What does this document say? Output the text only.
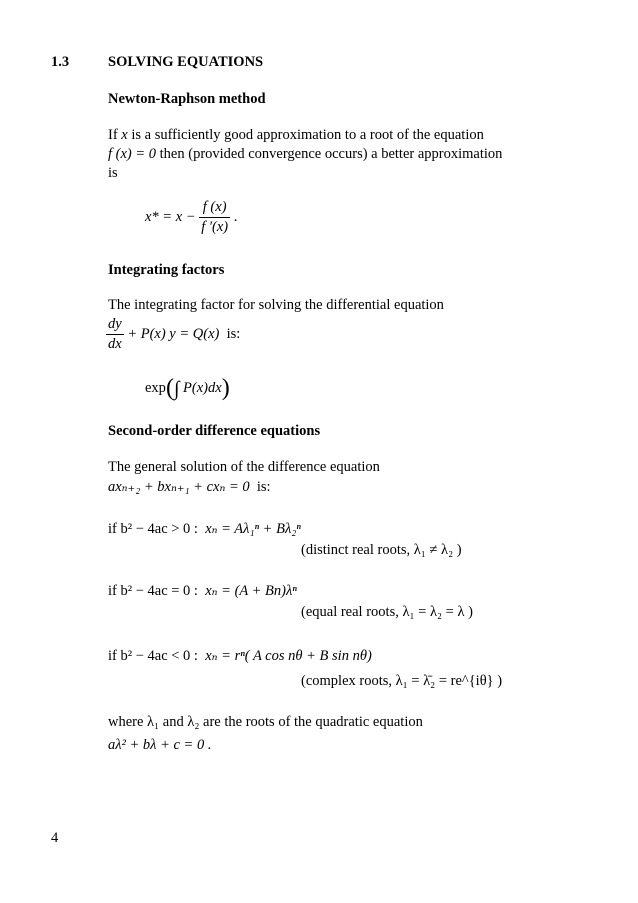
1.3	SOLVING EQUATIONS
Newton-Raphson method
If x is a sufficiently good approximation to a root of the equation
f (x) = 0 then (provided convergence occurs) a better approximation
is
$x* = x - \frac{f (x)}{f '(x)}$ .
Integrating factors
The integrating factor for solving the differential equation
$\frac{dy}{dx} + P(x) y = Q(x)$ is:
exp(∫ P(x)dx)
Second-order difference equations
The general solution of the difference equation
axₙ₊₂ + bxₙ₊₁ + cxₙ = 0 is:
if b² − 4ac > 0 : xₙ = Aλ₁ⁿ + Bλ₂ⁿ
(distinct real roots, λ₁ ≠ λ₂ )
if b² − 4ac = 0 : xₙ = (A + Bn)λⁿ
(equal real roots, λ₁ = λ₂ = λ )
if b² − 4ac < 0 : xₙ = rⁿ( A cos nθ + B sin nθ)
(complex roots, λ₁ = λ̄₂ = re^{iθ} )
where λ₁ and λ₂ are the roots of the quadratic equation
aλ² + bλ + c = 0 .
4
